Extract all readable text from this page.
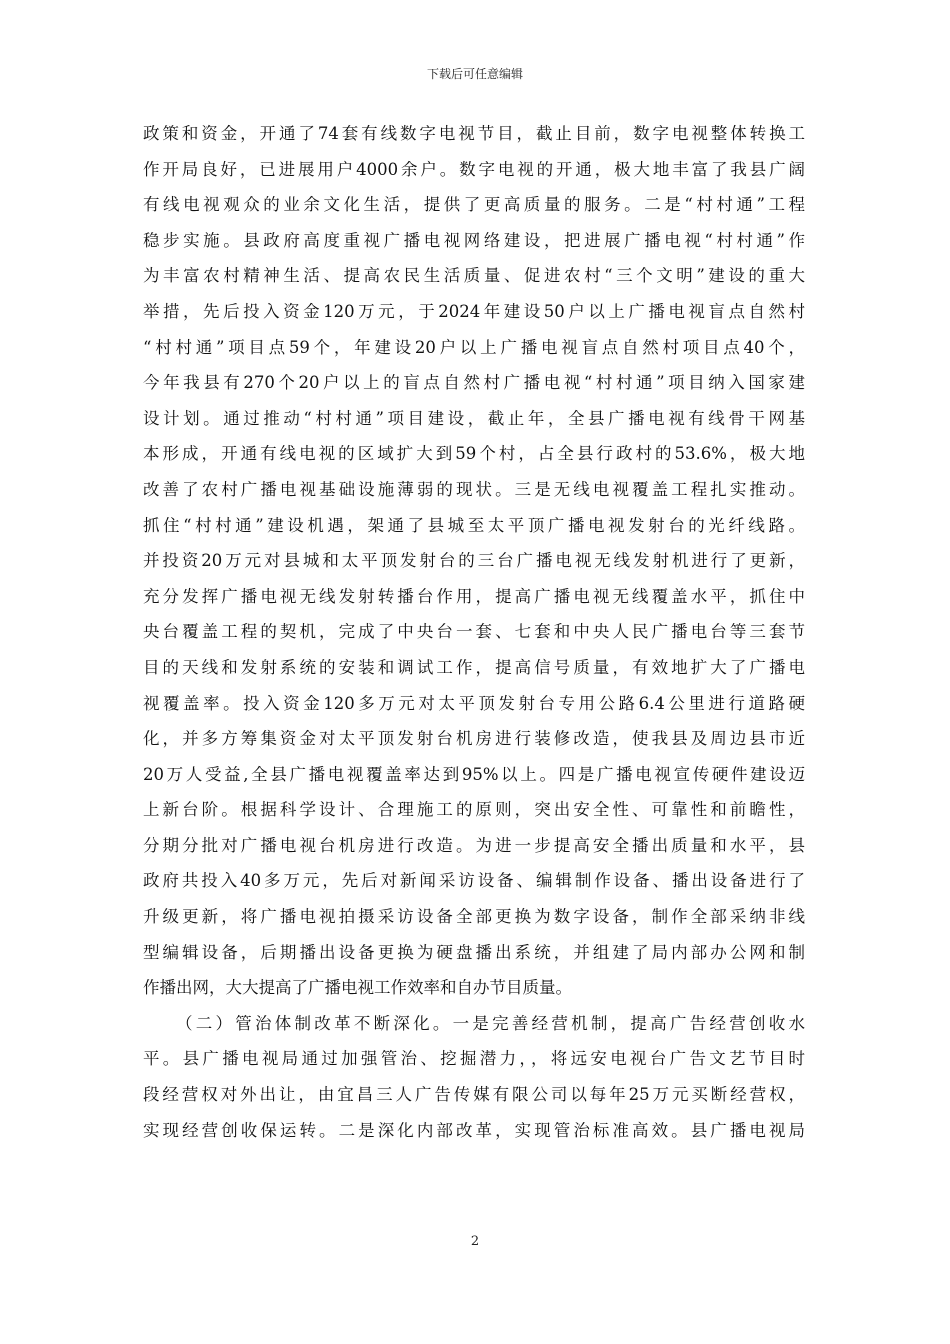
下载后可任意编辑
政策和资金，开通了74套有线数字电视节目，截止目前，数字电视整体转换工
作开局良好，已进展用户4000余户。数字电视的开通，极大地丰富了我县广阔
有线电视观众的业余文化生活，提供了更高质量的服务。二是“村村通”工程
稳步实施。县政府高度重视广播电视网络建设，把进展广播电视“村村通”作
为丰富农村精神生活、提高农民生活质量、促进农村“三个文明”建设的重大
举措，先后投入资金120万元，于2024年建设50户以上广播电视盲点自然村
“村村通”项目点59个，年建设20户以上广播电视盲点自然村项目点40个，
今年我县有270个20户以上的盲点自然村广播电视“村村通”项目纳入国家建
设计划。通过推动“村村通”项目建设，截止年，全县广播电视有线骨干网基
本形成，开通有线电视的区域扩大到59个村，占全县行政村的53.6%，极大地
改善了农村广播电视基础设施薄弱的现状。三是无线电视覆盖工程扎实推动。
抓住“村村通”建设机遇，架通了县城至太平顶广播电视发射台的光纤线路。
并投资20万元对县城和太平顶发射台的三台广播电视无线发射机进行了更新，
充分发挥广播电视无线发射转播台作用，提高广播电视无线覆盖水平，抓住中
央台覆盖工程的契机，完成了中央台一套、七套和中央人民广播电台等三套节
目的天线和发射系统的安装和调试工作，提高信号质量，有效地扩大了广播电
视覆盖率。投入资金120多万元对太平顶发射台专用公路6.4公里进行道路硬
化，并多方筹集资金对太平顶发射台机房进行装修改造，使我县及周边县市近
20万人受益,全县广播电视覆盖率达到95%以上。四是广播电视宣传硬件建设迈
上新台阶。根据科学设计、合理施工的原则，突出安全性、可靠性和前瞻性，
分期分批对广播电视台机房进行改造。为进一步提高安全播出质量和水平，县
政府共投入40多万元，先后对新闻采访设备、编辑制作设备、播出设备进行了
升级更新，将广播电视拍摄采访设备全部更换为数字设备，制作全部采纳非线
型编辑设备，后期播出设备更换为硬盘播出系统，并组建了局内部办公网和制
作播出网，大大提高了广播电视工作效率和自办节目质量。
（二）管治体制改革不断深化。一是完善经营机制，提高广告经营创收水
平。县广播电视局通过加强管治、挖掘潜力，，将远安电视台广告文艺节目时
段经营权对外出让，由宜昌三人广告传媒有限公司以每年25万元买断经营权，
实现经营创收保运转。二是深化内部改革，实现管治标准高效。县广播电视局
2
